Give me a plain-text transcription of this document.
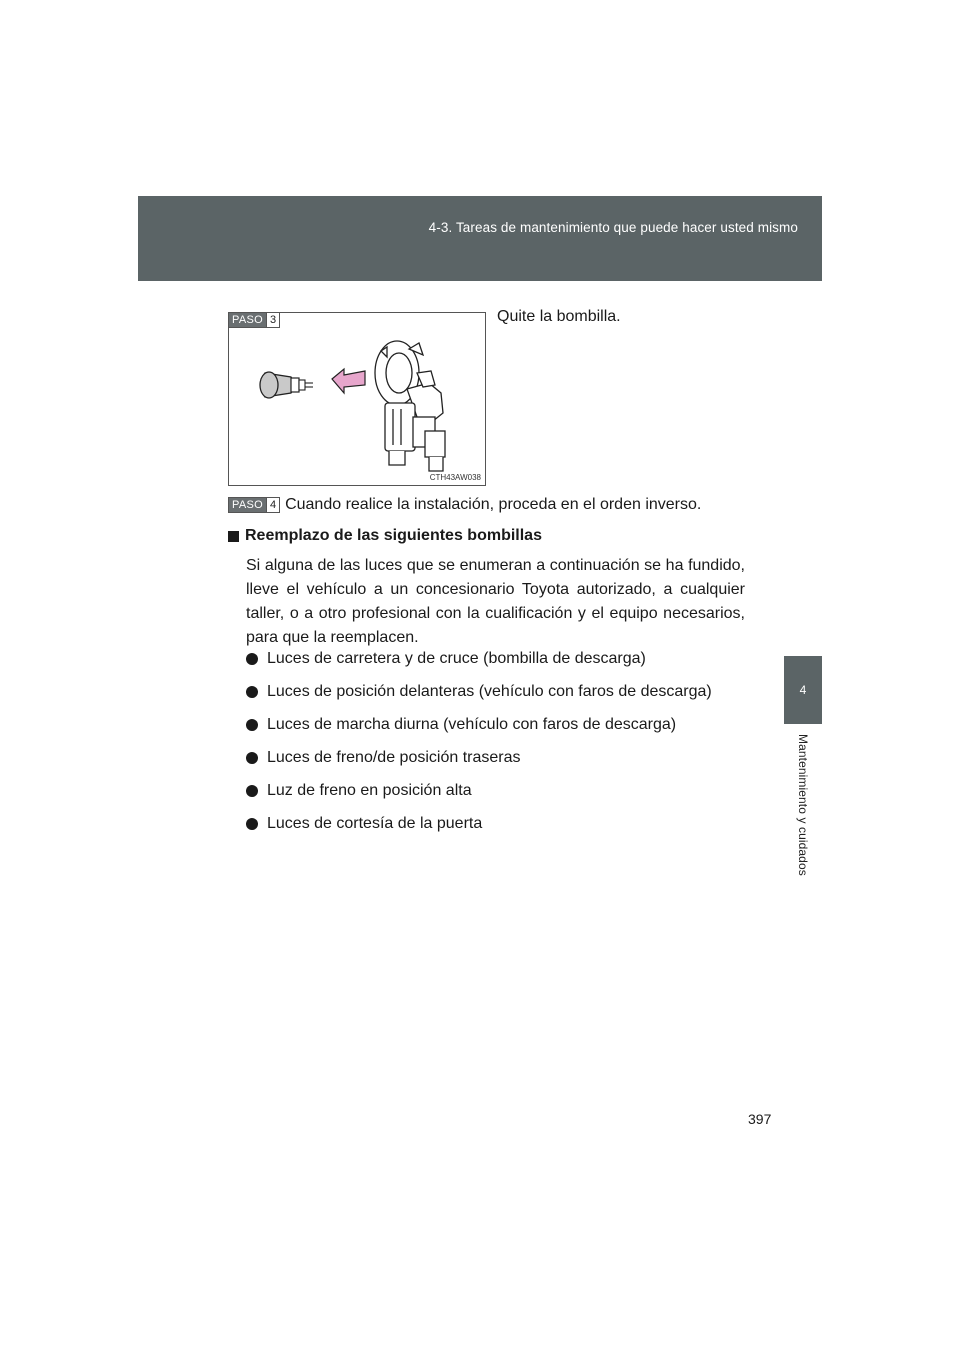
4-3. Tareas de mantenimiento que puede hacer usted mismo
4
Mantenimiento y cuidados
PASO 3
CTH43AW038
Quite la bombilla.
PASO 4 Cuando realice la instalación, proceda en el orden inverso.
Reemplazo de las siguientes bombillas
Si alguna de las luces que se enumeran a continuación se ha fundido, lleve el vehículo a un concesionario Toyota autorizado, a cualquier taller, o a otro profesional con la cualificación y el equipo necesarios, para que la reemplacen.
Luces de carretera y de cruce (bombilla de descarga)
Luces de posición delanteras (vehículo con faros de descarga)
Luces de marcha diurna (vehículo con faros de descarga)
Luces de freno/de posición traseras
Luz de freno en posición alta
Luces de cortesía de la puerta
397
